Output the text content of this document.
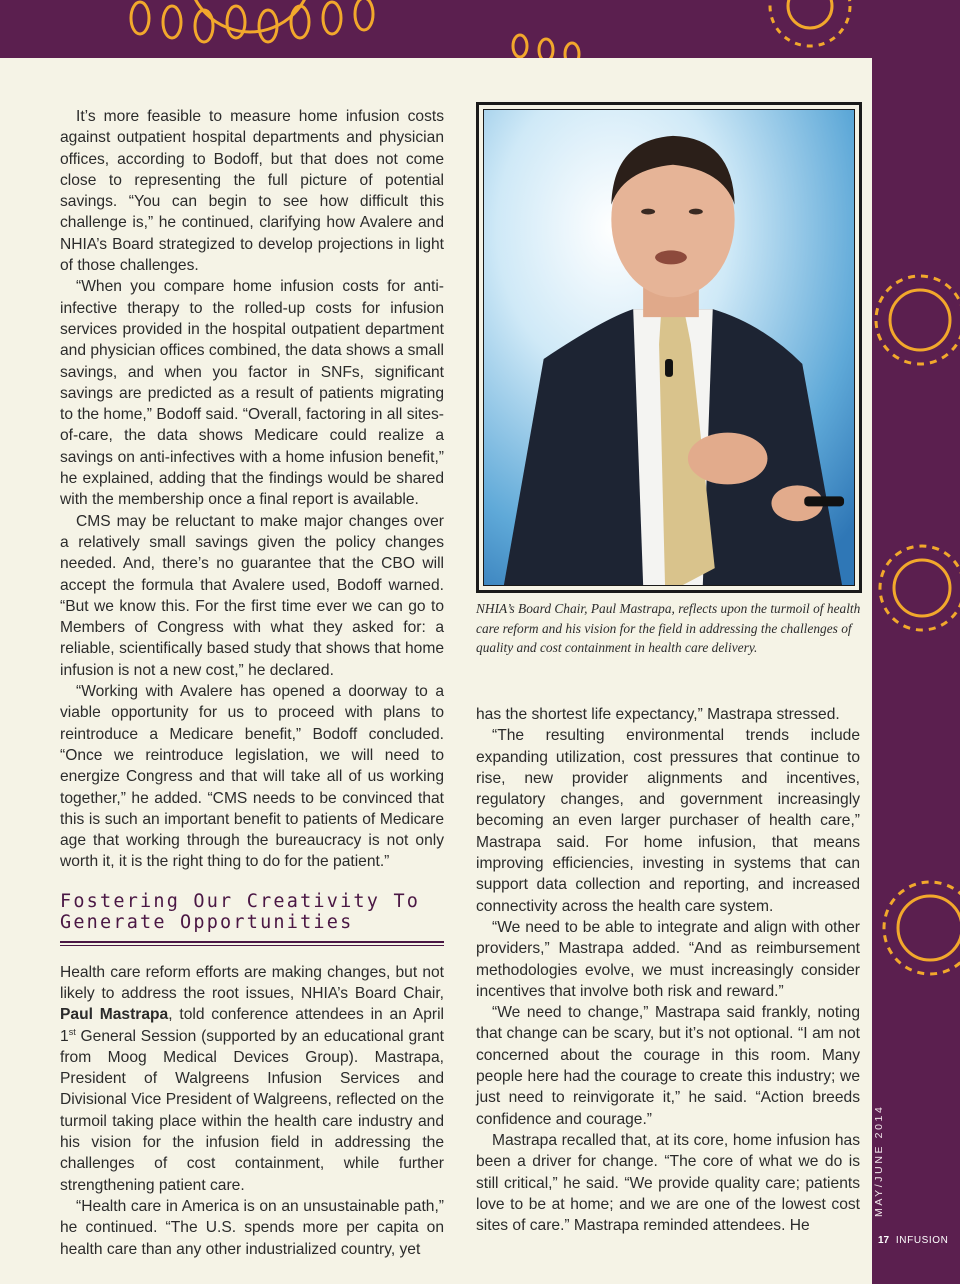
It’s more feasible to measure home infusion costs against outpatient hospital departments and physician offices, according to Bodoff, but that does not come close to representing the full picture of potential savings. “You can begin to see how difficult this challenge is,” he continued, clarifying how Avalere and NHIA’s Board strategized to develop projections in light of those challenges.

“When you compare home infusion costs for anti-infective therapy to the rolled-up costs for infusion services provided in the hospital outpatient department and physician offices combined, the data shows a small savings, and when you factor in SNFs, significant savings are predicted as a result of patients migrating to the home,” Bodoff said. “Overall, factoring in all sites-of-care, the data shows Medicare could realize a savings on anti-infectives with a home infusion benefit,” he explained, adding that the findings would be shared with the membership once a final report is available.

CMS may be reluctant to make major changes over a relatively small savings given the policy changes needed. And, there’s no guarantee that the CBO will accept the formula that Avalere used, Bodoff warned. “But we know this. For the first time ever we can go to Members of Congress with what they asked for: a reliable, scientifically based study that shows that home infusion is not a new cost,” he declared.

“Working with Avalere has opened a doorway to a viable opportunity for us to proceed with plans to reintroduce a Medicare benefit,” Bodoff concluded. “Once we reintroduce legislation, we will need to energize Congress and that will take all of us working together,” he added. “CMS needs to be convinced that this is such an important benefit to patients of Medicare age that working through the bureaucracy is not only worth it, it is the right thing to do for the patient.”

Fostering Our Creativity To
Generate Opportunities

Health care reform efforts are making changes, but not likely to address the root issues, NHIA’s Board Chair, Paul Mastrapa, told conference attendees in an April 1st General Session (supported by an educational grant from Moog Medical Devices Group). Mastrapa, President of Walgreens Infusion Services and Divisional Vice President of Walgreens, reflected on the turmoil taking place within the health care industry and his vision for the infusion field in addressing the challenges of cost containment, while further strengthening patient care.

“Health care in America is on an unsustainable path,” he continued. “The U.S. spends more per capita on health care than any other industrialized country, yet

NHIA’s Board Chair, Paul Mastrapa, reflects upon the turmoil of health care reform and his vision for the field in addressing the challenges of quality and cost containment in health care delivery.

has the shortest life expectancy,” Mastrapa stressed.

“The resulting environmental trends include expanding utilization, cost pressures that continue to rise, new provider alignments and incentives, regulatory changes, and government increasingly becoming an even larger purchaser of health care,” Mastrapa said. For home infusion, that means improving efficiencies, investing in systems that can support data collection and reporting, and increased connectivity across the health care system.

“We need to be able to integrate and align with other providers,” Mastrapa added. “And as reimbursement methodologies evolve, we must increasingly consider incentives that involve both risk and reward.”

“We need to change,” Mastrapa said frankly, noting that change can be scary, but it’s not optional. “I am not concerned about the courage in this room. Many people here had the courage to create this industry; we just need to reinvigorate it,” he said. “Action breeds confidence and courage.”

Mastrapa recalled that, at its core, home infusion has been a driver for change. “The core of what we do is still critical,” he said. “We provide quality care; patients love to be at home; and we are one of the lowest cost sites of care.” Mastrapa reminded attendees. He

17 INFUSION
